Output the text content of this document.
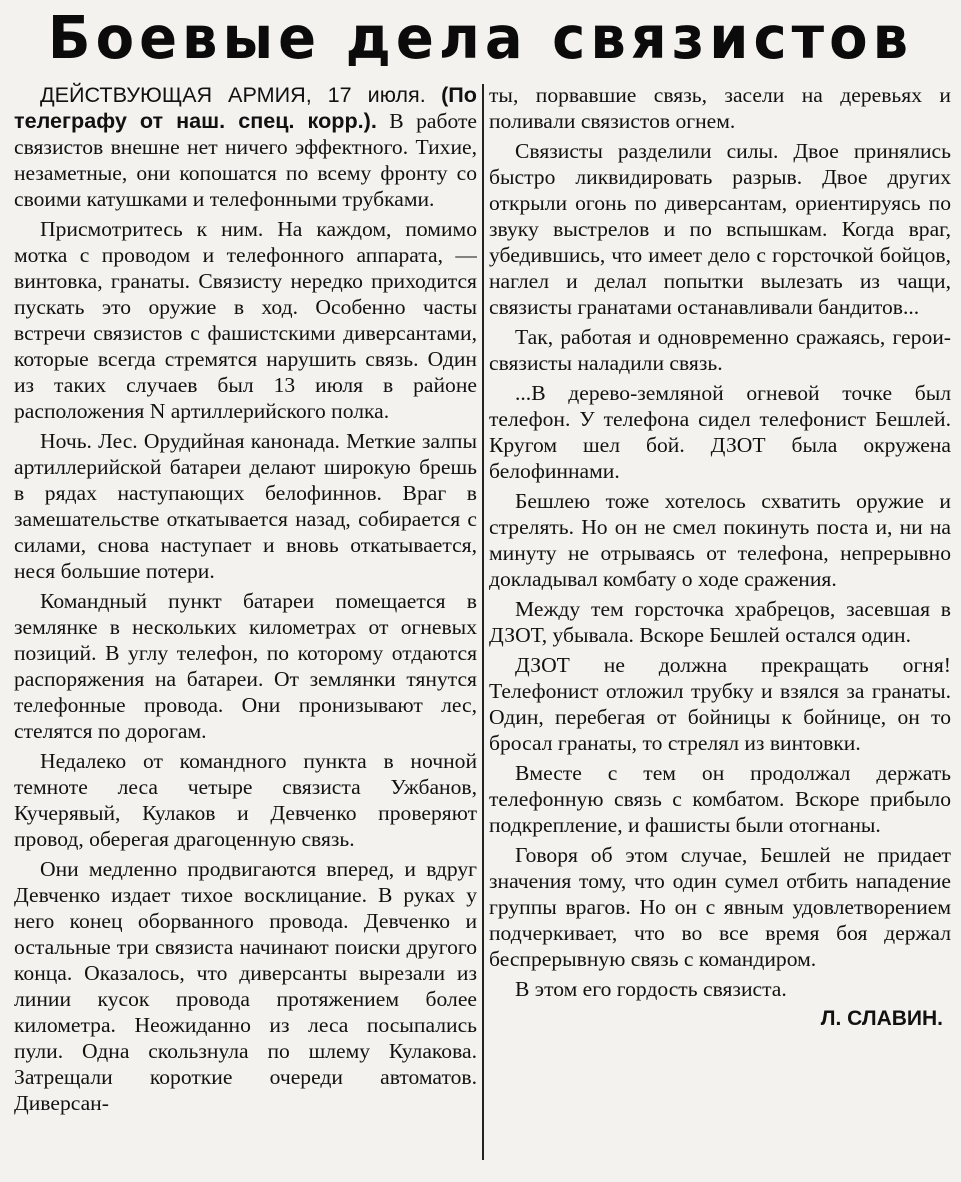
Боевые дела связистов

ДЕЙСТВУЮЩАЯ АРМИЯ, 17 июля. (По телеграфу от наш. спец. корр.). В работе связистов внешне нет ничего эффектного. Тихие, незаметные, они копошатся по всему фронту со своими катушками и телефонными трубками.

Присмотритесь к ним. На каждом, помимо мотка с проводом и телефонного аппарата, — винтовка, гранаты. Связисту нередко приходится пускать это оружие в ход. Особенно часты встречи связистов с фашистскими диверсантами, которые всегда стремятся нарушить связь. Один из таких случаев был 13 июля в районе расположения N артиллерийского полка.

Ночь. Лес. Орудийная канонада. Меткие залпы артиллерийской батареи делают широкую брешь в рядах наступающих белофиннов. Враг в замешательстве откатывается назад, собирается с силами, снова наступает и вновь откатывается, неся большие потери.

Командный пункт батареи помещается в землянке в нескольких километрах от огневых позиций. В углу телефон, по которому отдаются распоряжения на батареи. От землянки тянутся телефонные провода. Они пронизывают лес, стелятся по дорогам.

Недалеко от командного пункта в ночной темноте леса четыре связиста Ужбанов, Кучерявый, Кулаков и Девченко проверяют провод, оберегая драгоценную связь.

Они медленно продвигаются вперед, и вдруг Девченко издает тихое восклицание. В руках у него конец оборванного провода. Девченко и остальные три связиста начинают поиски другого конца. Оказалось, что диверсанты вырезали из линии кусок провода протяжением более километра. Неожиданно из леса посыпались пули. Одна скользнула по шлему Кулакова. Затрещали короткие очереди автоматов. Диверсан-

ты, порвавшие связь, засели на деревьях и поливали связистов огнем.

Связисты разделили силы. Двое принялись быстро ликвидировать разрыв. Двое других открыли огонь по диверсантам, ориентируясь по звуку выстрелов и по вспышкам. Когда враг, убедившись, что имеет дело с горсточкой бойцов, наглел и делал попытки вылезать из чащи, связисты гранатами останавливали бандитов...

Так, работая и одновременно сражаясь, герои-связисты наладили связь.

...В дерево-земляной огневой точке был телефон. У телефона сидел телефонист Бешлей. Кругом шел бой. ДЗОТ была окружена белофиннами.

Бешлею тоже хотелось схватить оружие и стрелять. Но он не смел покинуть поста и, ни на минуту не отрываясь от телефона, непрерывно докладывал комбату о ходе сражения.

Между тем горсточка храбрецов, засевшая в ДЗОТ, убывала. Вскоре Бешлей остался один.

ДЗОТ не должна прекращать огня! Телефонист отложил трубку и взялся за гранаты. Один, перебегая от бойницы к бойнице, он то бросал гранаты, то стрелял из винтовки.

Вместе с тем он продолжал держать телефонную связь с комбатом. Вскоре прибыло подкрепление, и фашисты были отогнаны.

Говоря об этом случае, Бешлей не придает значения тому, что один сумел отбить нападение группы врагов. Но он с явным удовлетворением подчеркивает, что во все время боя держал беспрерывную связь с командиром.

В этом его гордость связиста.

Л. СЛАВИН.
